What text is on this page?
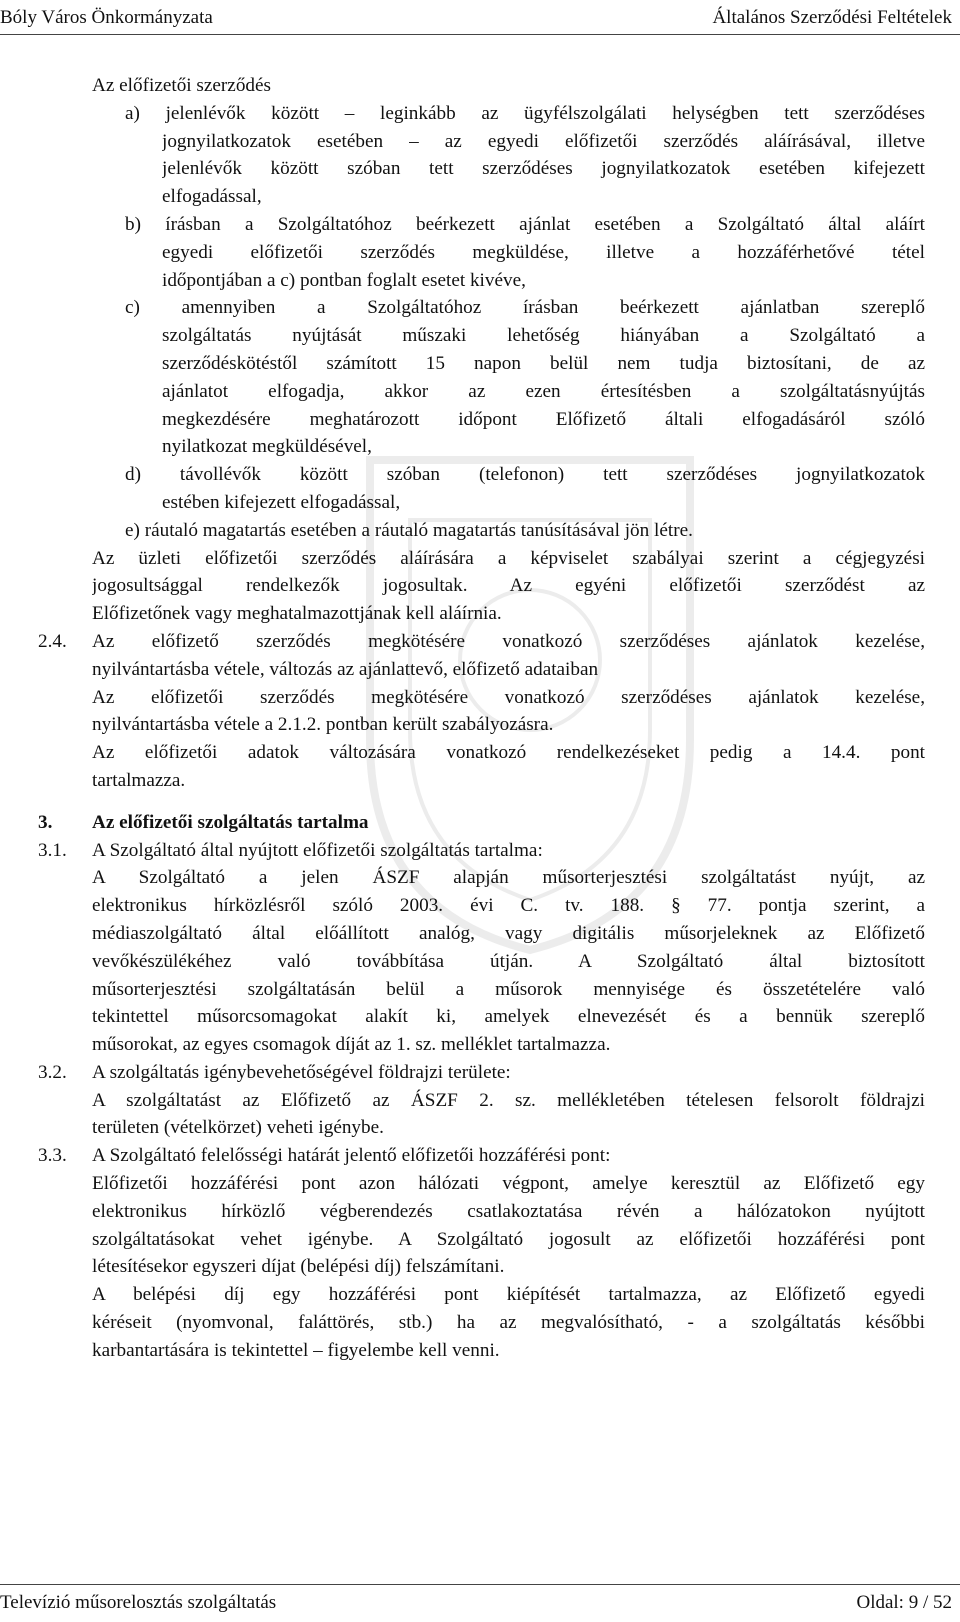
Bóly Város Önkormányzata	Általános Szerződési Feltételek
Az előfizetői szerződés
a) jelenlévők között – leginkább az ügyfélszolgálati helységben tett szerződéses
jognyilatkozatok esetében – az egyedi előfizetői szerződés aláírásával, illetve
jelenlévők között szóban tett szerződéses jognyilatkozatok esetében kifejezett
elfogadással,
b) írásban a Szolgáltatóhoz beérkezett ajánlat esetében a Szolgáltató által aláírt
egyedi előfizetői szerződés megküldése, illetve a hozzáférhetővé tétel
időpontjában a c) pontban foglalt esetet kivéve,
c) amennyiben a Szolgáltatóhoz írásban beérkezett ajánlatban szereplő
szolgáltatás nyújtását műszaki lehetőség hiányában a Szolgáltató a
szerződéskötéstől számított 15 napon belül nem tudja biztosítani, de az
ajánlatot elfogadja, akkor az ezen értesítésben a szolgáltatásnyújtás
megkezdésére meghatározott időpont Előfizető általi elfogadásáról szóló
nyilatkozat megküldésével,
d) távollévők között szóban (telefonon) tett szerződéses jognyilatkozatok
estében kifejezett elfogadással,
e) ráutaló magatartás esetében a ráutaló magatartás tanúsításával jön létre.
Az üzleti előfizetői szerződés aláírására a képviselet szabályai szerint a cégjegyzési
jogosultsággal rendelkezők jogosultak. Az egyéni előfizetői szerződést az
Előfizetőnek vagy meghatalmazottjának kell aláírnia.
2.4. Az előfizető szerződés megkötésére vonatkozó szerződéses ajánlatok kezelése,
nyilvántartásba vétele, változás az ajánlattevő, előfizető adataiban
Az előfizetői szerződés megkötésére vonatkozó szerződéses ajánlatok kezelése,
nyilvántartásba vétele a 2.1.2. pontban került szabályozásra.
Az előfizetői adatok változására vonatkozó rendelkezéseket pedig a 14.4. pont
tartalmazza.
3. Az előfizetői szolgáltatás tartalma
3.1. A Szolgáltató által nyújtott előfizetői szolgáltatás tartalma:
A Szolgáltató a jelen ÁSZF alapján műsorterjesztési szolgáltatást nyújt, az
elektronikus hírközlésről szóló 2003. évi C. tv. 188. § 77. pontja szerint, a
médiaszolgáltató által előállított analóg, vagy digitális műsorjeleknek az Előfizető
vevőkészülékéhez való továbbítása útján. A Szolgáltató által biztosított
műsorterjesztési szolgáltatásán belül a műsorok mennyisége és összetételére való
tekintettel műsorcsomagokat alakít ki, amelyek elnevezését és a bennük szereplő
műsorokat, az egyes csomagok díját az 1. sz. melléklet tartalmazza.
3.2. A szolgáltatás igénybevehetőségével földrajzi területe:
A szolgáltatást az Előfizető az ÁSZF 2. sz. mellékletében tételesen felsorolt földrajzi
területen (vételkörzet) veheti igénybe.
3.3. A Szolgáltató felelősségi határát jelentő előfizetői hozzáférési pont:
Előfizetői hozzáférési pont azon hálózati végpont, amelye keresztül az Előfizető egy
elektronikus hírközlő végberendezés csatlakoztatása révén a hálózatokon nyújtott
szolgáltatásokat vehet igénybe. A Szolgáltató jogosult az előfizetői hozzáférési pont
létesítésekor egyszeri díjat (belépési díj) felszámítani.
A belépési díj egy hozzáférési pont kiépítését tartalmazza, az Előfizető egyedi
kéréseit (nyomvonal, faláttörés, stb.) ha az megvalósítható, - a szolgáltatás későbbi
karbantartására is tekintettel – figyelembe kell venni.
Televízió műsorelosztás szolgáltatás	Oldal: 9 / 52
